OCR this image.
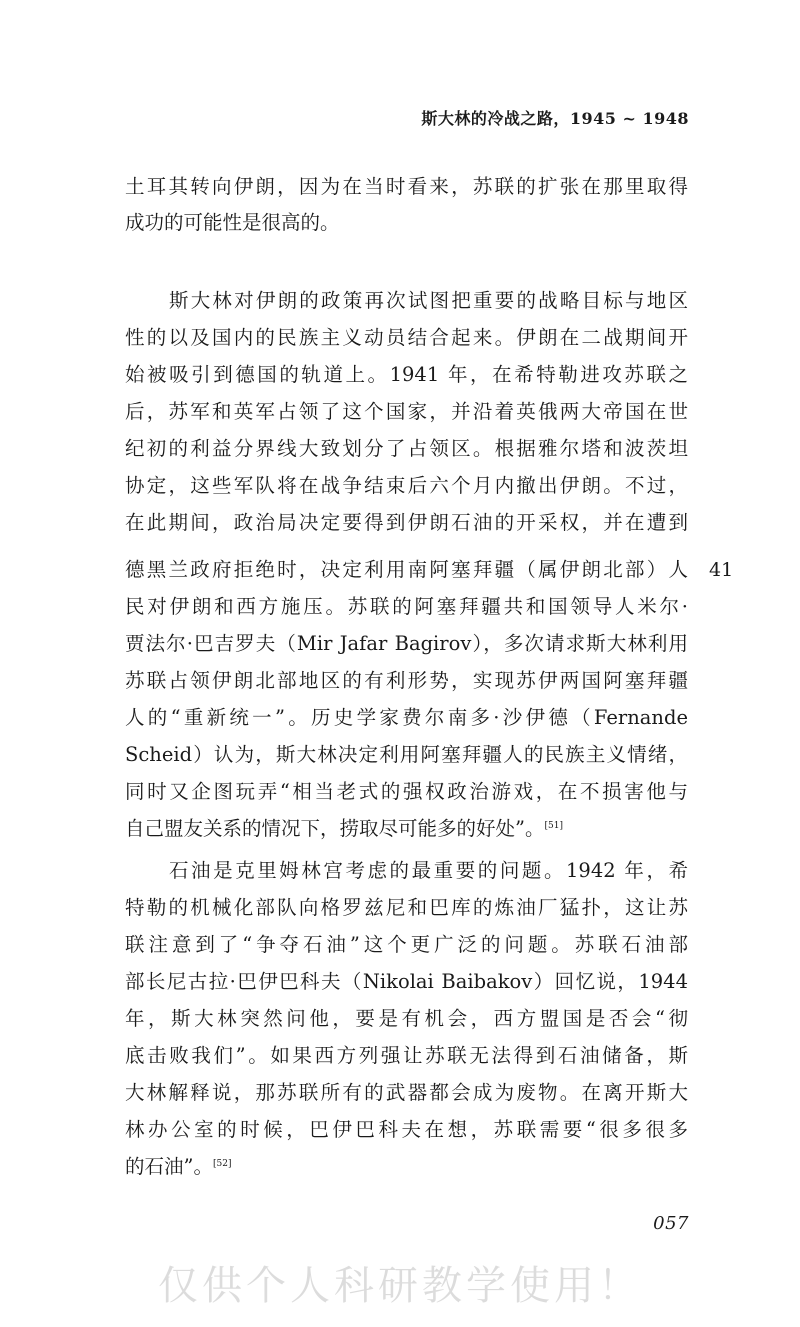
斯大林的冷战之路，1945 ~ 1948
土耳其转向伊朗，因为在当时看来，苏联的扩张在那里取得
成功的可能性是很高的。
斯大林对伊朗的政策再次试图把重要的战略目标与地区
性的以及国内的民族主义动员结合起来。伊朗在二战期间开
始被吸引到德国的轨道上。1941 年，在希特勒进攻苏联之
后，苏军和英军占领了这个国家，并沿着英俄两大帝国在世
纪初的利益分界线大致划分了占领区。根据雅尔塔和波茨坦
协定，这些军队将在战争结束后六个月内撤出伊朗。不过，
在此期间，政治局决定要得到伊朗石油的开采权，并在遭到
德黑兰政府拒绝时，决定利用南阿塞拜疆（属伊朗北部）人
民对伊朗和西方施压。苏联的阿塞拜疆共和国领导人米尔·
贾法尔·巴吉罗夫（Mir Jafar Bagirov），多次请求斯大林利用
苏联占领伊朗北部地区的有利形势，实现苏伊两国阿塞拜疆
人的“重新统一”。历史学家费尔南多·沙伊德（Fernande
Scheid）认为，斯大林决定利用阿塞拜疆人的民族主义情绪，
同时又企图玩弄“相当老式的强权政治游戏，在不损害他与
自己盟友关系的情况下，捞取尽可能多的好处”。[51]
41
石油是克里姆林宫考虑的最重要的问题。1942 年，希
特勒的机械化部队向格罗兹尼和巴库的炼油厂猛扑，这让苏
联注意到了“争夺石油”这个更广泛的问题。苏联石油部
部长尼古拉·巴伊巴科夫（Nikolai Baibakov）回忆说，1944
年，斯大林突然问他，要是有机会，西方盟国是否会“彻
底击败我们”。如果西方列强让苏联无法得到石油储备，斯
大林解释说，那苏联所有的武器都会成为废物。在离开斯大
林办公室的时候，巴伊巴科夫在想，苏联需要“很多很多
的石油”。[52]
057
仅供个人科研教学使用！
